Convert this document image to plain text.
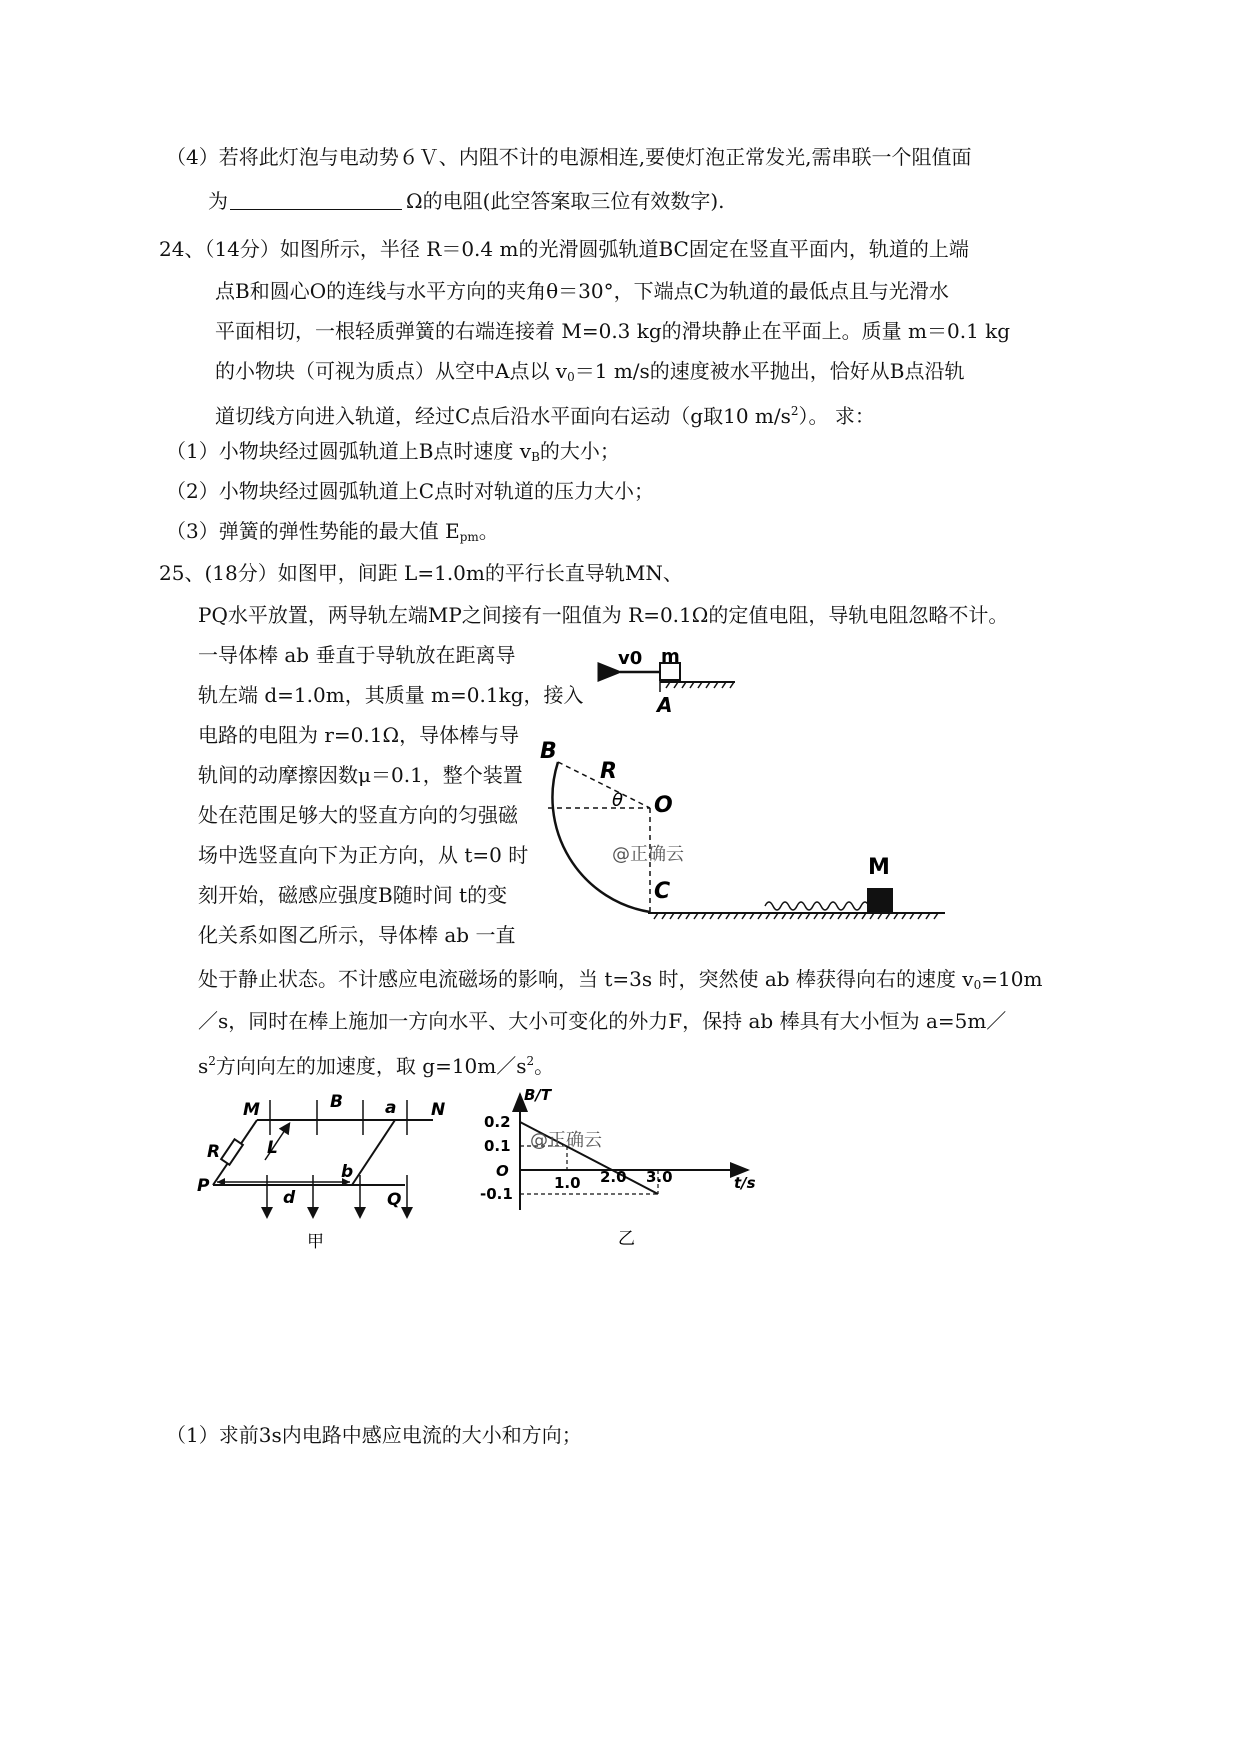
（4）若将此灯泡与电动势６Ｖ、内阻不计的电源相连,要使灯泡正常发光,需串联一个阻值面
为	Ω的电阻(此空答案取三位有效数字).
24、（14分）如图所示，半径 R＝0.4 m的光滑圆弧轨道BC固定在竖直平面内，轨道的上端
点B和圆心O的连线与水平方向的夹角θ＝30°，下端点C为轨道的最低点且与光滑水
平面相切，一根轻质弹簧的右端连接着 M=0.3 kg的滑块静止在平面上。质量 m＝0.1 kg
的小物块（可视为质点）从空中A点以 $v_0=1$ m/s的速度被水平抛出，恰好从B点沿轨
道切线方向进入轨道，经过C点后沿水平面向右运动（g取10 $m/s^2$）。 求：
（1）小物块经过圆弧轨道上B点时速度 $v_B$的大小；
（2）小物块经过圆弧轨道上C点时对轨道的压力大小；
（3）弹簧的弹性势能的最大值 $E_{pm}$。
25、(18分）如图甲，间距 L=1.0m的平行长直导轨MN、
PQ水平放置，两导轨左端MP之间接有一阻值为 R=0.1Ω的定值电阻，导轨电阻忽略不计。
一导体棒 ab 垂直于导轨放在距离导
轨左端 d=1.0m，其质量 m=0.1kg，接入
电路的电阻为 r=0.1Ω，导体棒与导
轨间的动摩擦因数μ＝0.1，整个装置
处在范围足够大的竖直方向的匀强磁
场中选竖直向下为正方向，从 t=0 时
刻开始，磁感应强度B随时间 t的变
化关系如图乙所示，导体棒 ab 一直
处于静止状态。不计感应电流磁场的影响，当 t=3s 时，突然使 ab 棒获得向右的速度 $v_0=10m$
／s，同时在棒上施加一方向水平、大小可变化的外力F，保持 ab 棒具有大小恒为 a=5m／
$s^2$方向向左的加速度，取 $g=10m/s^2$。
（1）求前3s内电路中感应电流的大小和方向；
v0 m
A
B
R
θ O
@正确云
C
M
M	B a N
R	L
P
d
b
Q
甲
B/T
t/s
O
0.2
0.1
-0.1
1.0 2.0 3.0
@正确云
乙
